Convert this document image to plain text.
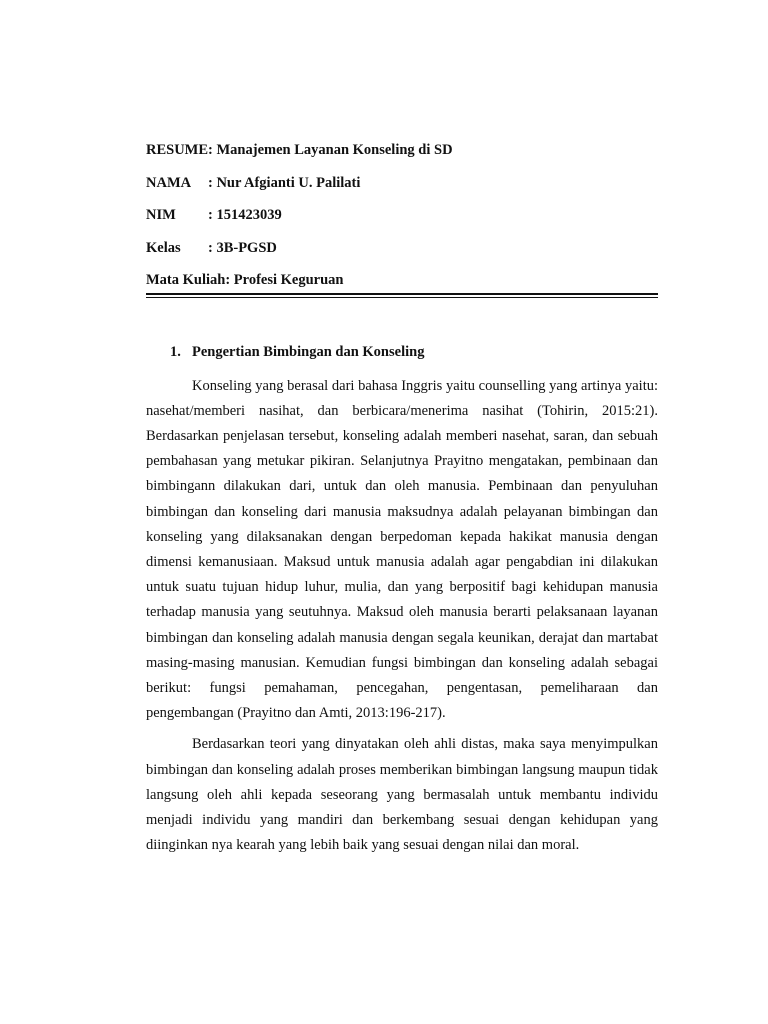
RESUME: Manajemen Layanan Konseling di SD
NAMA : Nur Afgianti U. Palilati
NIM : 151423039
Kelas : 3B-PGSD
Mata Kuliah: Profesi Keguruan
1. Pengertian Bimbingan dan Konseling

Konseling yang berasal dari bahasa Inggris yaitu counselling yang artinya yaitu: nasehat/memberi nasihat, dan berbicara/menerima nasihat (Tohirin, 2015:21). Berdasarkan penjelasan tersebut, konseling adalah memberi nasehat, saran, dan sebuah pembahasan yang metukar pikiran. Selanjutnya Prayitno mengatakan, pembinaan dan bimbingann dilakukan dari, untuk dan oleh manusia. Pembinaan dan penyuluhan bimbingan dan konseling dari manusia maksudnya adalah pelayanan bimbingan dan konseling yang dilaksanakan dengan berpedoman kepada hakikat manusia dengan dimensi kemanusiaan. Maksud untuk manusia adalah agar pengabdian ini dilakukan untuk suatu tujuan hidup luhur, mulia, dan yang berpositif bagi kehidupan manusia terhadap manusia yang seutuhnya. Maksud oleh manusia berarti pelaksanaan layanan bimbingan dan konseling adalah manusia dengan segala keunikan, derajat dan martabat masing-masing manusian. Kemudian fungsi bimbingan dan konseling adalah sebagai berikut: fungsi pemahaman, pencegahan, pengentasan, pemeliharaan dan pengembangan (Prayitno dan Amti, 2013:196-217).

Berdasarkan teori yang dinyatakan oleh ahli distas, maka saya menyimpulkan bimbingan dan konseling adalah proses memberikan bimbingan langsung maupun tidak langsung oleh ahli kepada seseorang yang bermasalah untuk membantu individu menjadi individu yang mandiri dan berkembang sesuai dengan kehidupan yang diinginkan nya kearah yang lebih baik yang sesuai dengan nilai dan moral.
